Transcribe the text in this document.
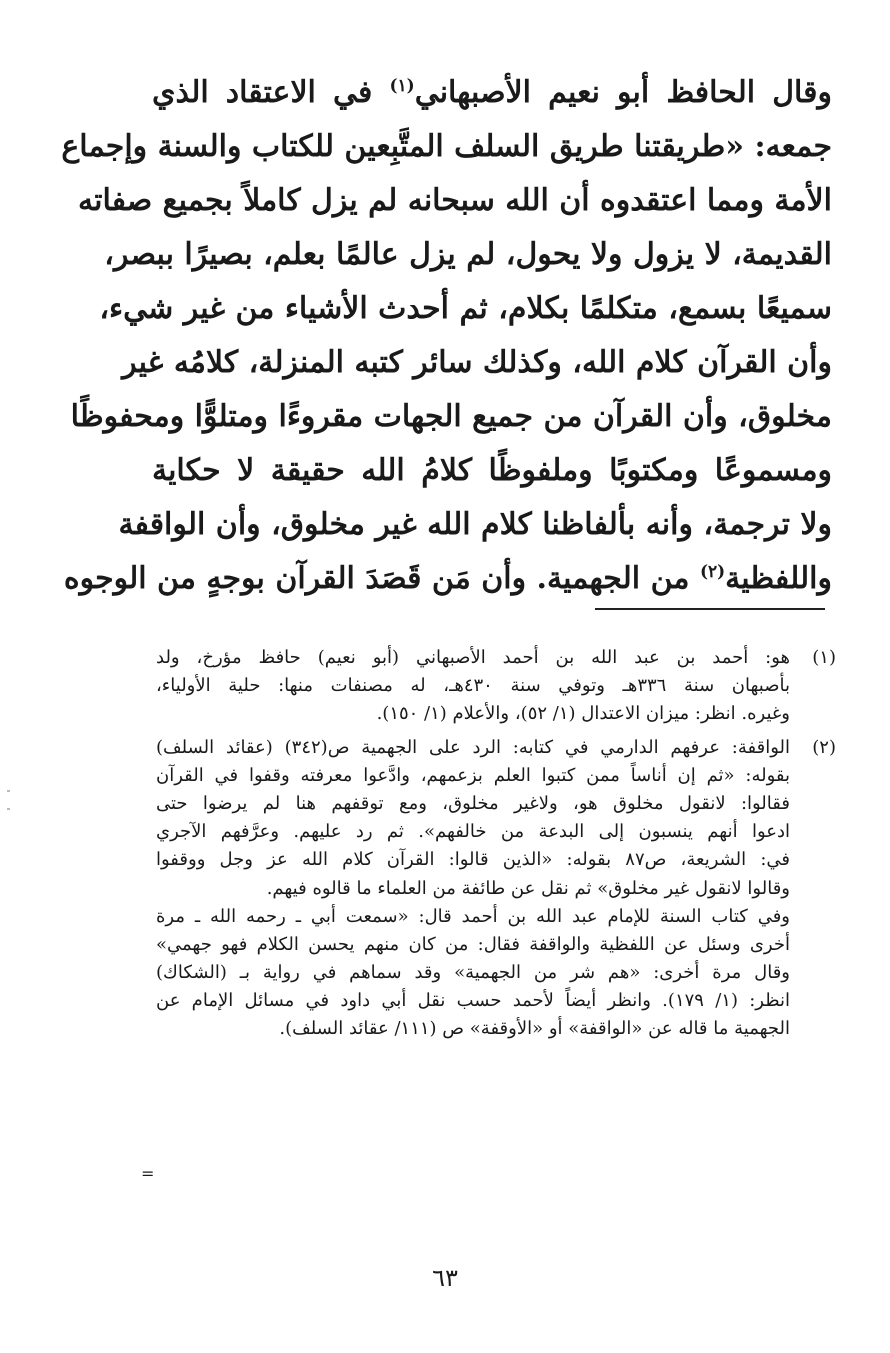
وقال الحافظ أبو نعيم الأصبهاني$^{(١)}$ في الاعتقاد الذي
جمعه: «طريقتنا طريق السلف المتَّبِعين للكتاب والسنة وإجماع
الأمة ومما اعتقدوه أن الله سبحانه لم يزل كاملاً بجميع صفاته
القديمة، لا يزول ولا يحول، لم يزل عالمًا بعلم، بصيرًا ببصر،
سميعًا بسمع، متكلمًا بكلام، ثم أحدث الأشياء من غير شيء،
وأن القرآن كلام الله، وكذلك سائر كتبه المنزلة، كلامُه غير
مخلوق، وأن القرآن من جميع الجهات مقروءًا ومتلوًّا ومحفوظًا
ومسموعًا ومكتوبًا وملفوظًا كلامُ الله حقيقة لا حكاية
ولا ترجمة، وأنه بألفاظنا كلام الله غير مخلوق، وأن الواقفة
واللفظية$^{(٢)}$ من الجهمية. وأن مَن قَصَدَ القرآن بوجهٍ من الوجوه
(١)
هو: أحمد بن عبد الله بن أحمد الأصبهاني (أبو نعيم) حافظ مؤرخ، ولد
بأصبهان سنة ٣٣٦هـ وتوفي سنة ٤٣٠هـ، له مصنفات منها: حلية الأولياء،
وغيره. انظر: ميزان الاعتدال (١/ ٥٢)، والأعلام (١/ ١٥٠).
(٢)
الواقفة: عرفهم الدارمي في كتابه: الرد على الجهمية ص(٣٤٢) (عقائد السلف)
بقوله: «ثم إن أناساً ممن كتبوا العلم بزعمهم، وادَّعوا معرفته وقفوا في القرآن
فقالوا: لانقول مخلوق هو، ولاغير مخلوق، ومع توقفهم هنا لم يرضوا حتى
ادعوا أنهم ينسبون إلى البدعة من خالفهم». ثم رد عليهم. وعرَّفهم الآجري
في: الشريعة، ص٨٧ بقوله: «الذين قالوا: القرآن كلام الله عز وجل ووقفوا
وقالوا لانقول غير مخلوق» ثم نقل عن طائفة من العلماء ما قالوه فيهم.
وفي كتاب السنة للإمام عبد الله بن أحمد قال: «سمعت أبي ـ رحمه الله ـ مرة
أخرى وسئل عن اللفظية والواقفة فقال: من كان منهم يحسن الكلام فهو جهمي»
وقال مرة أخرى: «هم شر من الجهمية» وقد سماهم في رواية بـ (الشكاك)
انظر: (١/ ١٧٩). وانظر أيضاً لأحمد حسب نقل أبي داود في مسائل الإمام عن
الجهمية ما قاله عن «الواقفة» أو «الأوقفة» ص (١١١/ عقائد السلف).
=
٦٣
